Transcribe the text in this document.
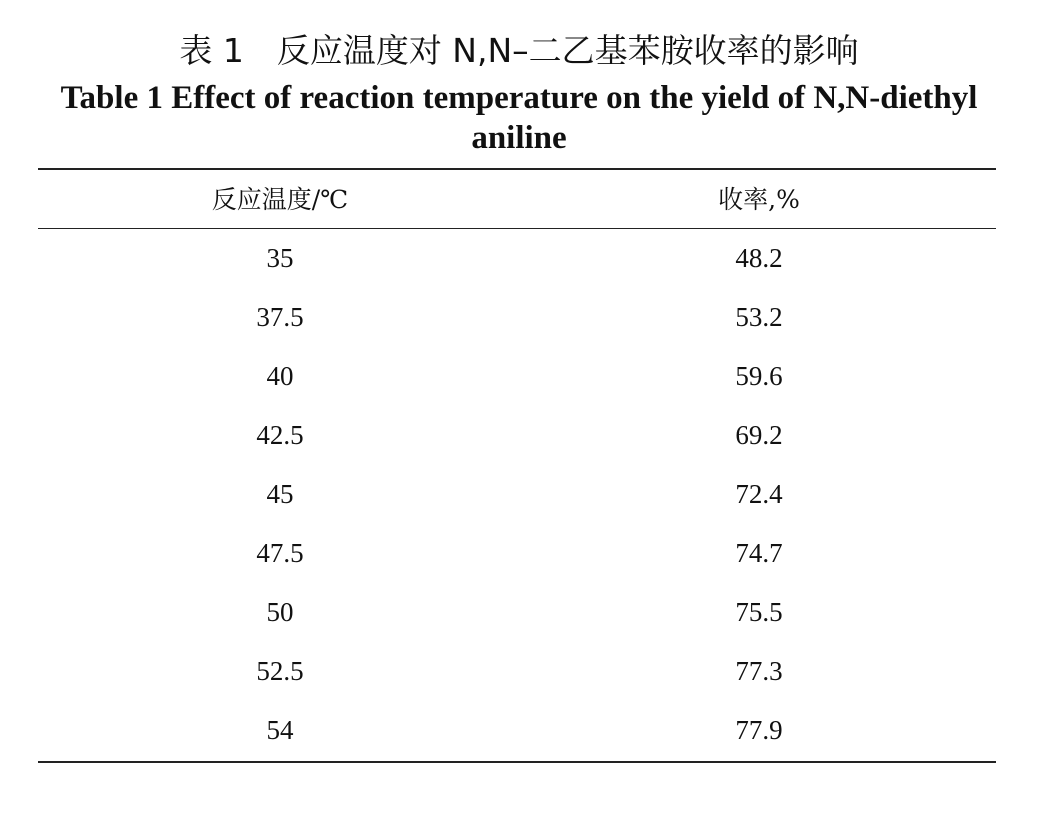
表 1　反应温度对 N,N–二乙基苯胺收率的影响
Table 1 Effect of reaction temperature on the yield of N,N-diethyl aniline
反应温度/℃	收率,%
35	48.2
37.5	53.2
40	59.6
42.5	69.2
45	72.4
47.5	74.7
50	75.5
52.5	77.3
54	77.9
